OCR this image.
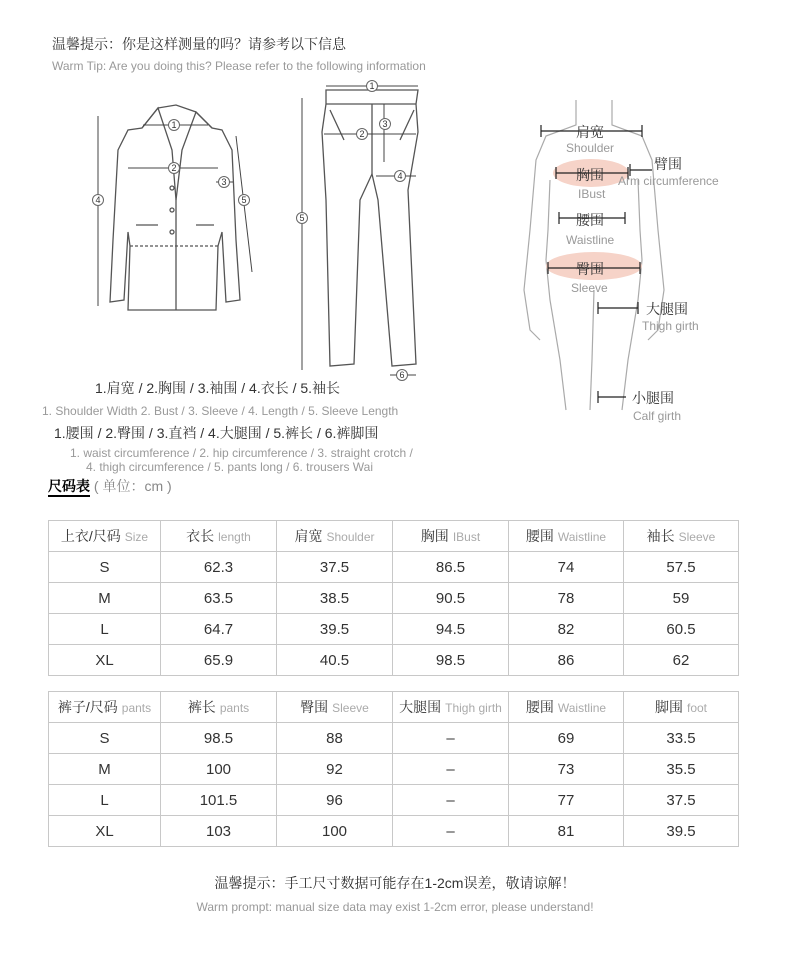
温馨提示：你是这样测量的吗？请参考以下信息
Warm Tip: Are you doing this? Please refer to the following information
1
2
3
4	5
1
2
3
4
5
6
肩宽
Shoulder
臂围
Arm circumference
胸围
IBust
腰围
Waistline
臀围
Sleeve
大腿围
Thigh girth
小腿围
Calf girth
1.肩宽 / 2.胸围 / 3.袖围 / 4.衣长 / 5.袖长
1. Shoulder Width 2. Bust / 3. Sleeve / 4. Length / 5. Sleeve Length
1.腰围 / 2.臀围 / 3.直裆 / 4.大腿围 / 5.裤长 / 6.裤脚围
1. waist circumference / 2. hip circumference / 3. straight crotch /
4. thigh circumference / 5. pants long / 6. trousers Wai
尺码表 ( 单位：cm )
上衣/尺码 Size	衣长 length	肩宽 Shoulder	胸围 IBust	腰围 Waistline	袖长 Sleeve
S	62.3	37.5	86.5	74	57.5
M	63.5	38.5	90.5	78	59
L	64.7	39.5	94.5	82	60.5
XL	65.9	40.5	98.5	86	62
裤子/尺码 pants	裤长 pants	臀围 Sleeve	大腿围 Thigh girth	腰围 Waistline	脚围 foot
S	98.5	88	–	69	33.5
M	100	92	–	73	35.5
L	101.5	96	–	77	37.5
XL	103	100	–	81	39.5
温馨提示：手工尺寸数据可能存在1-2cm误差，敬请谅解！
Warm prompt: manual size data may exist 1-2cm error, please understand!
